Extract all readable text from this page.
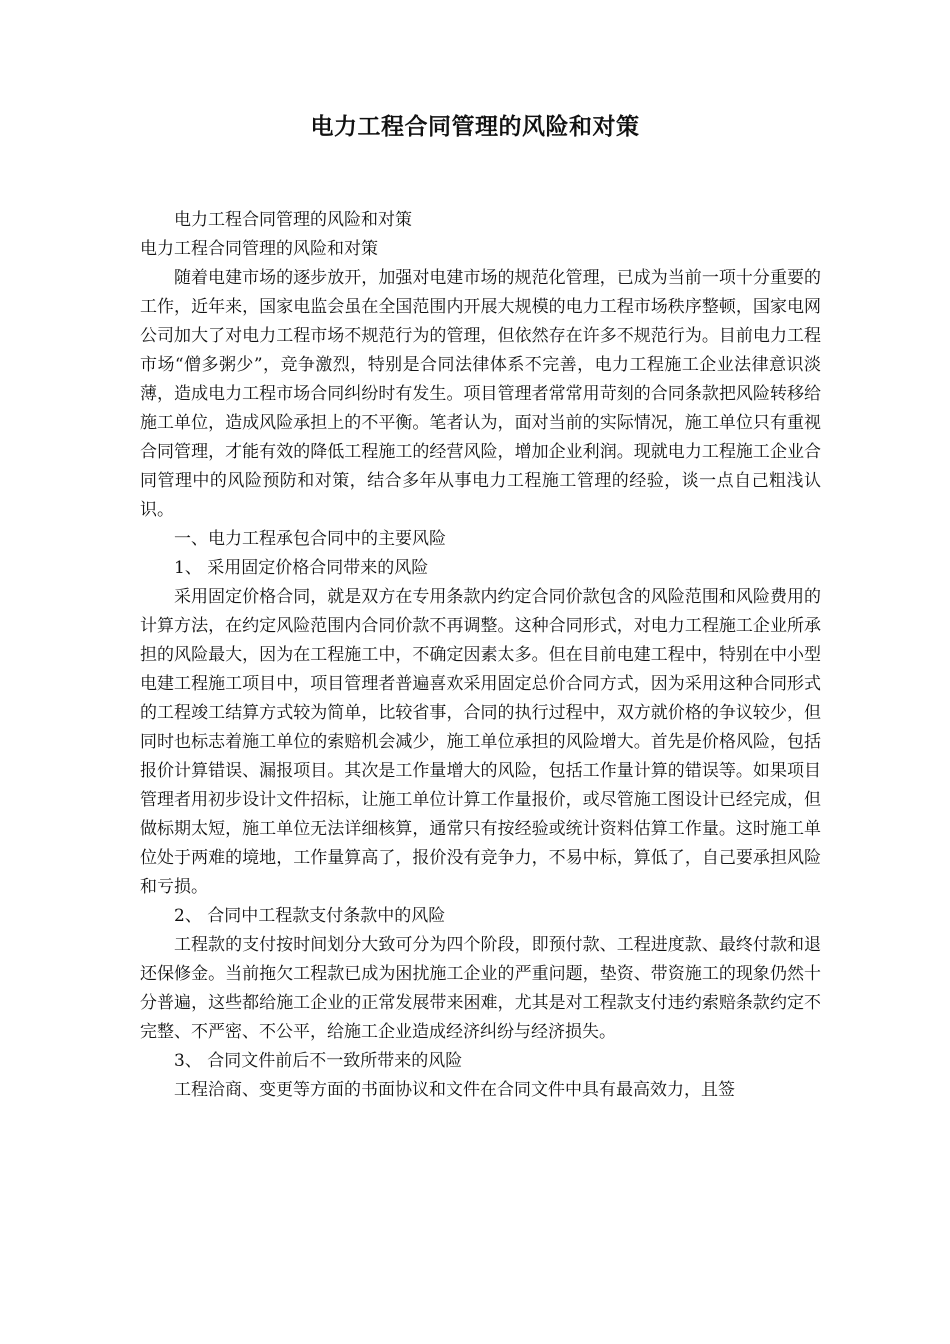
电力工程合同管理的风险和对策

电力工程合同管理的风险和对策

电力工程合同管理的风险和对策

随着电建市场的逐步放开，加强对电建市场的规范化管理，已成为当前一项十分重要的工作，近年来，国家电监会虽在全国范围内开展大规模的电力工程市场秩序整顿，国家电网公司加大了对电力工程市场不规范行为的管理，但依然存在许多不规范行为。目前电力工程市场“僧多粥少”，竞争激烈，特别是合同法律体系不完善，电力工程施工企业法律意识淡薄，造成电力工程市场合同纠纷时有发生。项目管理者常常用苛刻的合同条款把风险转移给施工单位，造成风险承担上的不平衡。笔者认为，面对当前的实际情况，施工单位只有重视合同管理，才能有效的降低工程施工的经营风险，增加企业利润。现就电力工程施工企业合同管理中的风险预防和对策，结合多年从事电力工程施工管理的经验，谈一点自己粗浅认识。

一、电力工程承包合同中的主要风险

1、 采用固定价格合同带来的风险

采用固定价格合同，就是双方在专用条款内约定合同价款包含的风险范围和风险费用的计算方法，在约定风险范围内合同价款不再调整。这种合同形式，对电力工程施工企业所承担的风险最大，因为在工程施工中，不确定因素太多。但在目前电建工程中，特别在中小型电建工程施工项目中，项目管理者普遍喜欢采用固定总价合同方式，因为采用这种合同形式的工程竣工结算方式较为简单，比较省事，合同的执行过程中，双方就价格的争议较少，但同时也标志着施工单位的索赔机会减少，施工单位承担的风险增大。首先是价格风险，包括报价计算错误、漏报项目。其次是工作量增大的风险，包括工作量计算的错误等。如果项目管理者用初步设计文件招标，让施工单位计算工作量报价，或尽管施工图设计已经完成，但做标期太短，施工单位无法详细核算，通常只有按经验或统计资料估算工作量。这时施工单位处于两难的境地，工作量算高了，报价没有竞争力，不易中标，算低了，自己要承担风险和亏损。

2、 合同中工程款支付条款中的风险

工程款的支付按时间划分大致可分为四个阶段，即预付款、工程进度款、最终付款和退还保修金。当前拖欠工程款已成为困扰施工企业的严重问题，垫资、带资施工的现象仍然十分普遍，这些都给施工企业的正常发展带来困难，尤其是对工程款支付违约索赔条款约定不完整、不严密、不公平，给施工企业造成经济纠纷与经济损失。

3、 合同文件前后不一致所带来的风险

工程洽商、变更等方面的书面协议和文件在合同文件中具有最高效力，且签
